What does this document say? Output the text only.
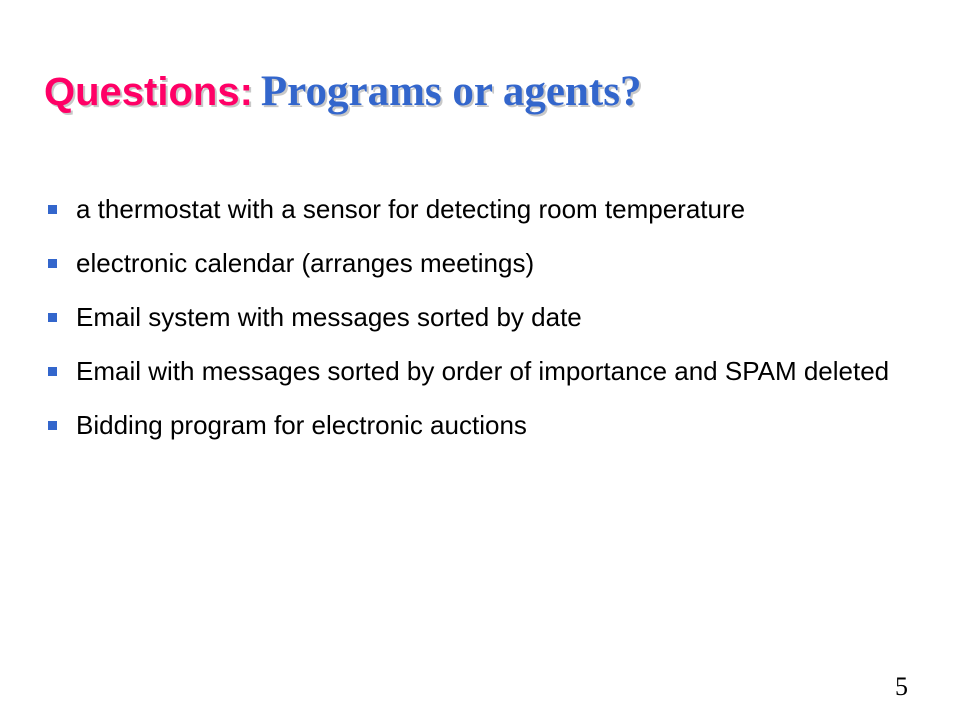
Questions: Programs or agents?
a thermostat with a sensor for detecting room temperature
electronic calendar (arranges meetings)
Email system with messages sorted by date
Email with messages sorted by order of importance and SPAM deleted
Bidding program for electronic auctions
5
